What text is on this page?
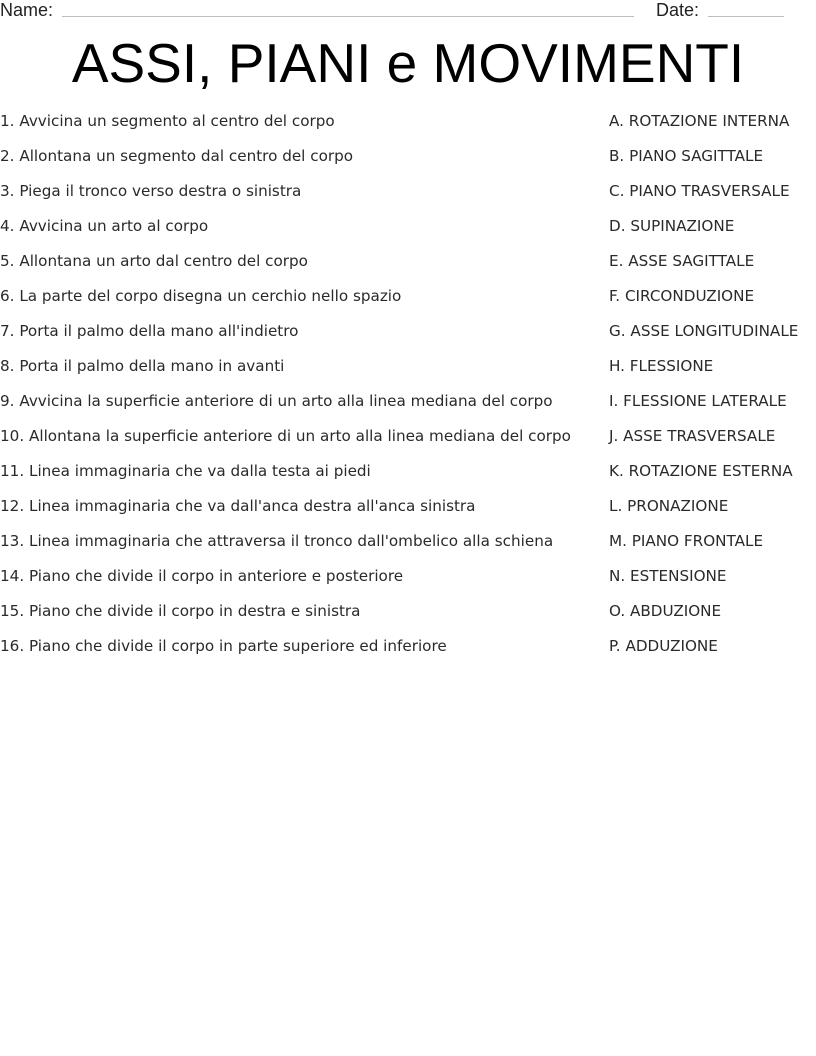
Name:	Date:
ASSI, PIANI e MOVIMENTI
1. Avvicina un segmento al centro del corpo	A. ROTAZIONE INTERNA
2. Allontana un segmento dal centro del corpo	B. PIANO SAGITTALE
3. Piega il tronco verso destra o sinistra	C. PIANO TRASVERSALE
4. Avvicina un arto al corpo	D. SUPINAZIONE
5. Allontana un arto dal centro del corpo	E. ASSE SAGITTALE
6. La parte del corpo disegna un cerchio nello spazio	F. CIRCONDUZIONE
7. Porta il palmo della mano all'indietro	G. ASSE LONGITUDINALE
8. Porta il palmo della mano in avanti	H. FLESSIONE
9. Avvicina la superficie anteriore di un arto alla linea mediana del corpo	I. FLESSIONE LATERALE
10. Allontana la superficie anteriore di un arto alla linea mediana del corpo	J. ASSE TRASVERSALE
11. Linea immaginaria che va dalla testa ai piedi	K. ROTAZIONE ESTERNA
12. Linea immaginaria che va dall'anca destra all'anca sinistra	L. PRONAZIONE
13. Linea immaginaria che attraversa il tronco dall'ombelico alla schiena	M. PIANO FRONTALE
14. Piano che divide il corpo in anteriore e posteriore	N. ESTENSIONE
15. Piano che divide il corpo in destra e sinistra	O. ABDUZIONE
16. Piano che divide il corpo in parte superiore ed inferiore	P. ADDUZIONE
